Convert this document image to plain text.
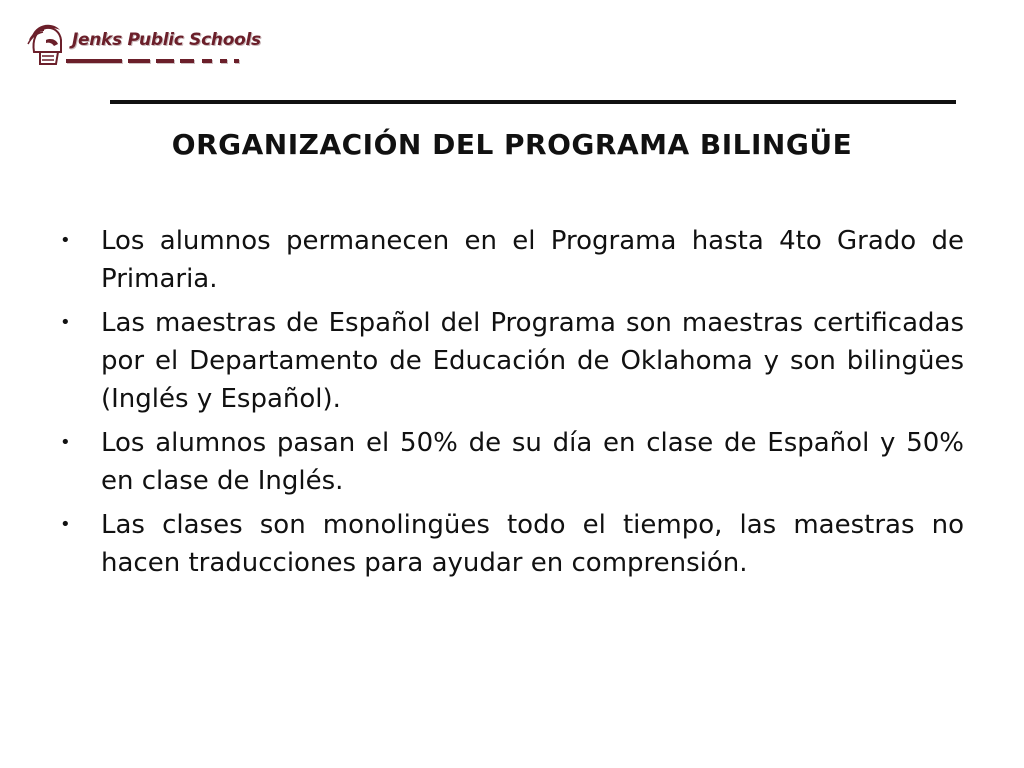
Jenks Public Schools
ORGANIZACIÓN DEL PROGRAMA BILINGÜE
• Los alumnos permanecen en el Programa hasta 4to Grado de Primaria.
• Las maestras de Español del Programa son maestras certificadas por el Departamento de Educación de Oklahoma y son bilingües (Inglés y Español).
• Los alumnos pasan el 50% de su día en clase de Español y 50% en clase de Inglés.
• Las clases son monolingües todo el tiempo, las maestras no hacen traducciones para ayudar en comprensión.
